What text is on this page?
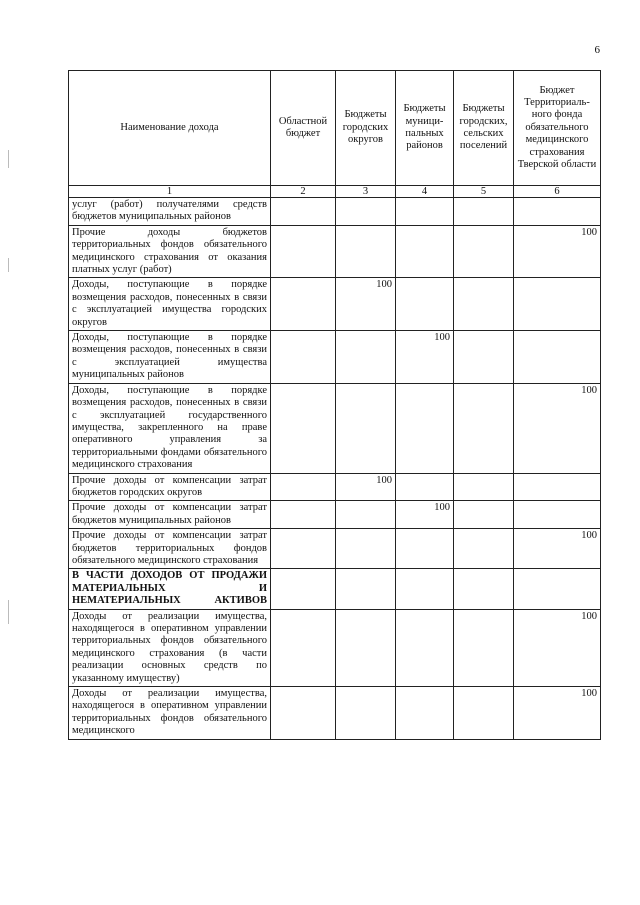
6
Наименование дохода	Областной бюджет	Бюджеты городских округов	Бюджеты муници-пальных районов	Бюджеты городских, сельских поселений	Бюджет Территориаль-ного фонда обязательного медицинского страхования Тверской области
1	2	3	4	5	6
услуг (работ) получателями средств бюджетов муниципальных районов					
Прочие доходы бюджетов территориальных фондов обязательного медицинского страхования от оказания платных услуг (работ)					100
Доходы, поступающие в порядке возмещения расходов, понесенных в связи с эксплуатацией имущества городских округов		100			
Доходы, поступающие в порядке возмещения расходов, понесенных в связи с эксплуатацией имущества муниципальных районов			100		
Доходы, поступающие в порядке возмещения расходов, понесенных в связи с эксплуатацией государственного имущества, закрепленного на праве оперативного управления за территориальными фондами обязательного медицинского страхования					100
Прочие доходы от компенсации затрат бюджетов городских округов		100			
Прочие доходы от компенсации затрат бюджетов муниципальных районов			100		
Прочие доходы от компенсации затрат бюджетов территориальных фондов обязательного медицинского страхования					100
В ЧАСТИ ДОХОДОВ ОТ ПРОДАЖИ МАТЕРИАЛЬНЫХ И НЕМАТЕРИАЛЬНЫХ АКТИВОВ					
Доходы от реализации имущества, находящегося в оперативном управлении территориальных фондов обязательного медицинского страхования (в части реализации основных средств по указанному имуществу)					100
Доходы от реализации имущества, находящегося в оперативном управлении территориальных фондов обязательного медицинского					100
